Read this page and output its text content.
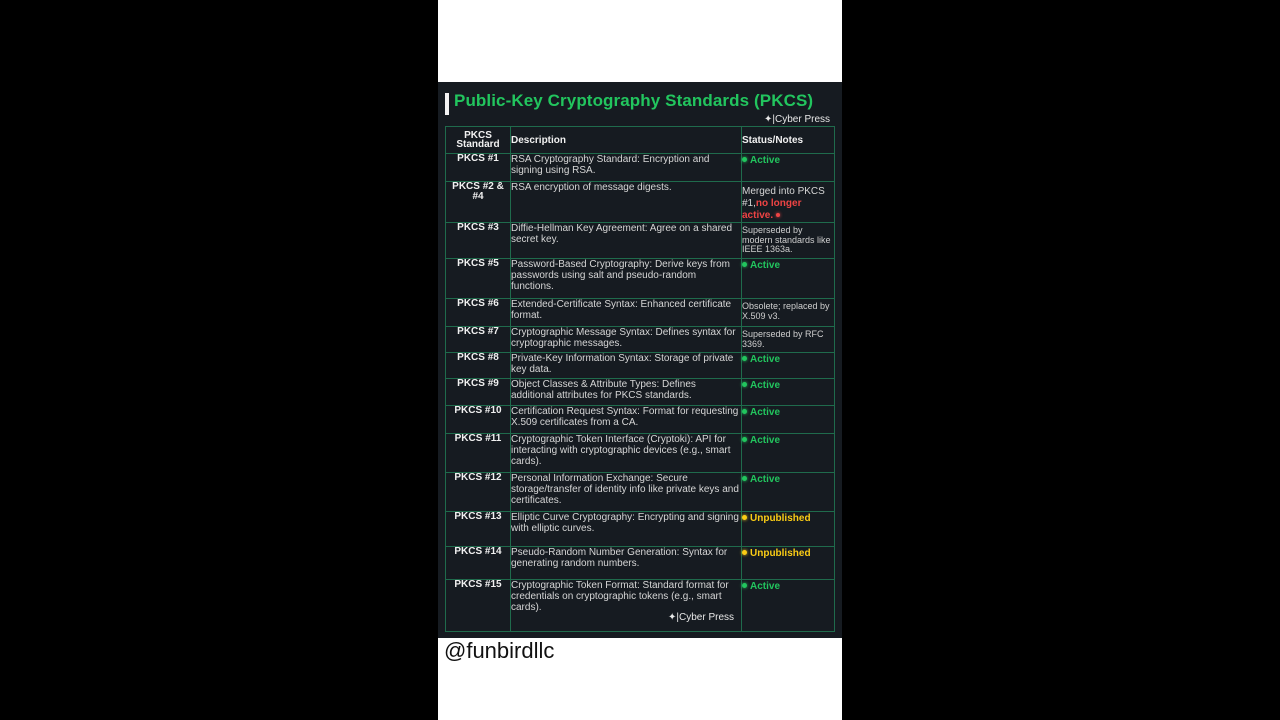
Public-Key Cryptography Standards (PKCS)
✦|Cyber Press
PKCS Standard	Description	Status/Notes
PKCS #1	RSA Cryptography Standard: Encryption and signing using RSA.	Active
PKCS #2 & #4	RSA encryption of message digests.	Merged into PKCS #1,no longer active.
PKCS #3	Diffie-Hellman Key Agreement: Agree on a shared secret key.	Superseded by modern standards like IEEE 1363a.

PKCS #5	Password-Based Cryptography: Derive keys from passwords using salt and pseudo-random functions.	Active
PKCS #6	Extended-Certificate Syntax: Enhanced certificate format.	Obsolete; replaced by X.509 v3.

PKCS #7	Cryptographic Message Syntax: Defines syntax for cryptographic messages.	Superseded by RFC 3369.

PKCS #8	Private-Key Information Syntax: Storage of private key data.	Active
PKCS #9	Object Classes & Attribute Types: Defines additional attributes for PKCS standards.	Active
PKCS #10	Certification Request Syntax: Format for requesting X.509 certificates from a CA.	Active
PKCS #11	Cryptographic Token Interface (Cryptoki): API for interacting with cryptographic devices (e.g., smart cards).	Active
PKCS #12	Personal Information Exchange: Secure storage/transfer of identity info like private keys and certificates.	Active
PKCS #13	Elliptic Curve Cryptography: Encrypting and signing with elliptic curves.	Unpublished
PKCS #14	Pseudo-Random Number Generation: Syntax for generating random numbers.	Unpublished
PKCS #15	Cryptographic Token Format: Standard format for credentials on cryptographic tokens (e.g., smart cards).	Active
✦|Cyber Press
@funbirdllc
